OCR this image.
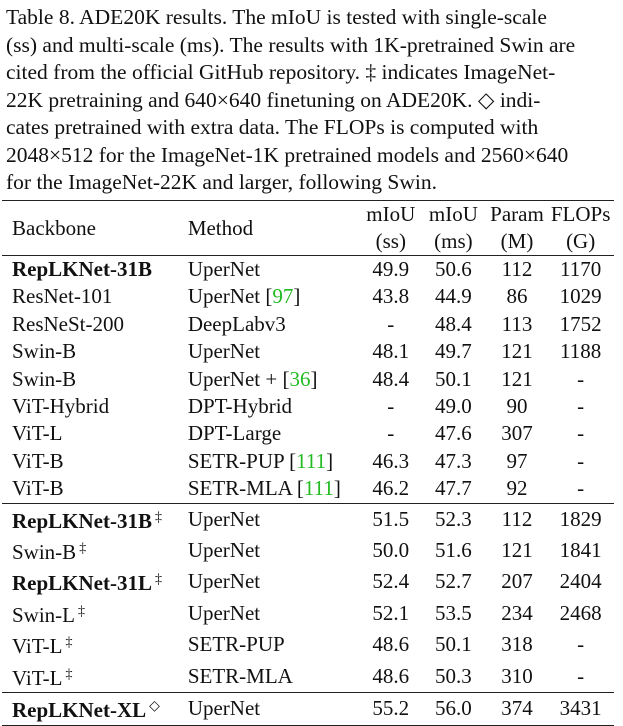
Table 8. ADE20K results. The mIoU is tested with single-scale
(ss) and multi-scale (ms). The results with 1K-pretrained Swin are
cited from the official GitHub repository. ‡ indicates ImageNet-
22K pretraining and 640×640 finetuning on ADE20K. ◇ indi-
cates pretrained with extra data. The FLOPs is computed with
2048×512 for the ImageNet-1K pretrained models and 2560×640
for the ImageNet-22K and larger, following Swin.

Backbone	Method	mIoU	mIoU	Param	FLOPs
		(ss)	(ms)	(M)	(G)
RepLKNet-31B	UperNet	49.9	50.6	112	1170
ResNet-101	UperNet [97]	43.8	44.9	86	1029
ResNeSt-200	DeepLabv3	-	48.4	113	1752
Swin-B	UperNet	48.1	49.7	121	1188
Swin-B	UperNet + [36]	48.4	50.1	121	-
ViT-Hybrid	DPT-Hybrid	-	49.0	90	-
ViT-L	DPT-Large	-	47.6	307	-
ViT-B	SETR-PUP [111]	46.3	47.3	97	-
ViT-B	SETR-MLA [111]	46.2	47.7	92	-
RepLKNet-31B ‡	UperNet	51.5	52.3	112	1829
Swin-B ‡	UperNet	50.0	51.6	121	1841
RepLKNet-31L ‡	UperNet	52.4	52.7	207	2404
Swin-L ‡	UperNet	52.1	53.5	234	2468
ViT-L ‡	SETR-PUP	48.6	50.1	318	-
ViT-L ‡	SETR-MLA	48.6	50.3	310	-
RepLKNet-XL ◇	UperNet	55.2	56.0	374	3431
